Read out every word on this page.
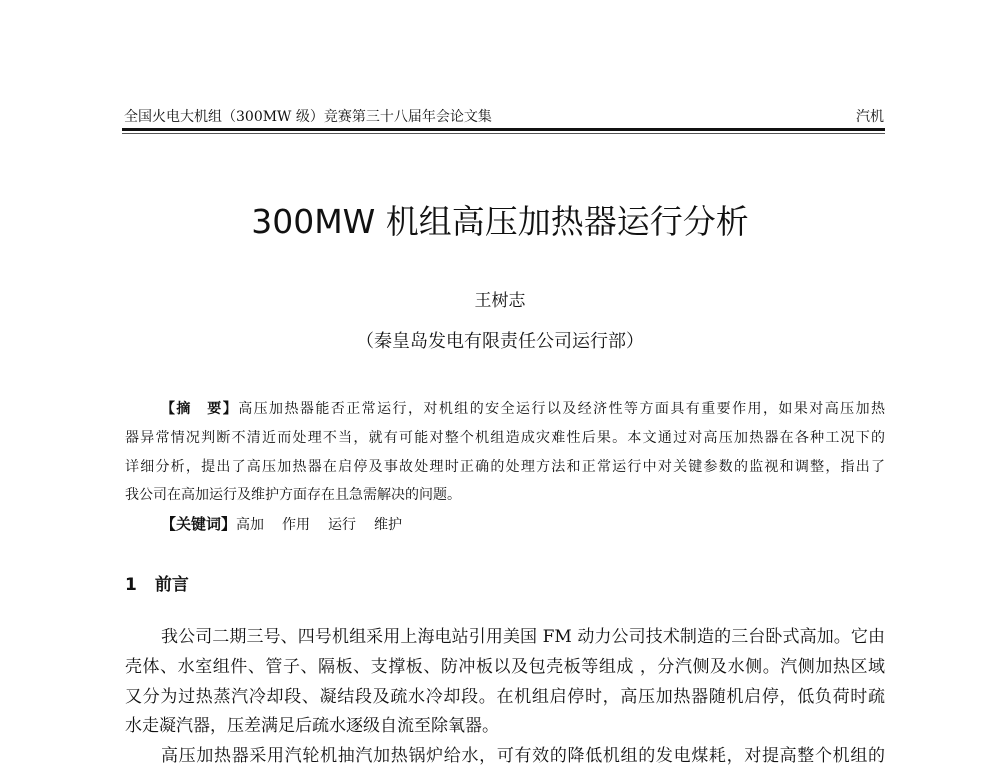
全国火电大机组（300MW 级）竞赛第三十八届年会论文集	汽机
300MW 机组高压加热器运行分析
王树志
（秦皇岛发电有限责任公司运行部）
【摘　要】高压加热器能否正常运行，对机组的安全运行以及经济性等方面具有重要作用，如果对高压加热
器异常情况判断不清近而处理不当，就有可能对整个机组造成灾难性后果。本文通过对高压加热器在各种工况下的
详细分析，提出了高压加热器在启停及事故处理时正确的处理方法和正常运行中对关键参数的监视和调整，指出了
我公司在高加运行及维护方面存在且急需解决的问题。
【关键词】高加 作用 运行 维护
1 前言
我公司二期三号、四号机组采用上海电站引用美国 FM 动力公司技术制造的三台卧式高加。它由
壳体、水室组件、管子、隔板、支撑板、防冲板以及包壳板等组成 ，分汽侧及水侧。汽侧加热区域
又分为过热蒸汽冷却段、凝结段及疏水冷却段。在机组启停时，高压加热器随机启停，低负荷时疏
水走凝汽器，压差满足后疏水逐级自流至除氧器。
高压加热器采用汽轮机抽汽加热锅炉给水，可有效的降低机组的发电煤耗，对提高整个机组的
